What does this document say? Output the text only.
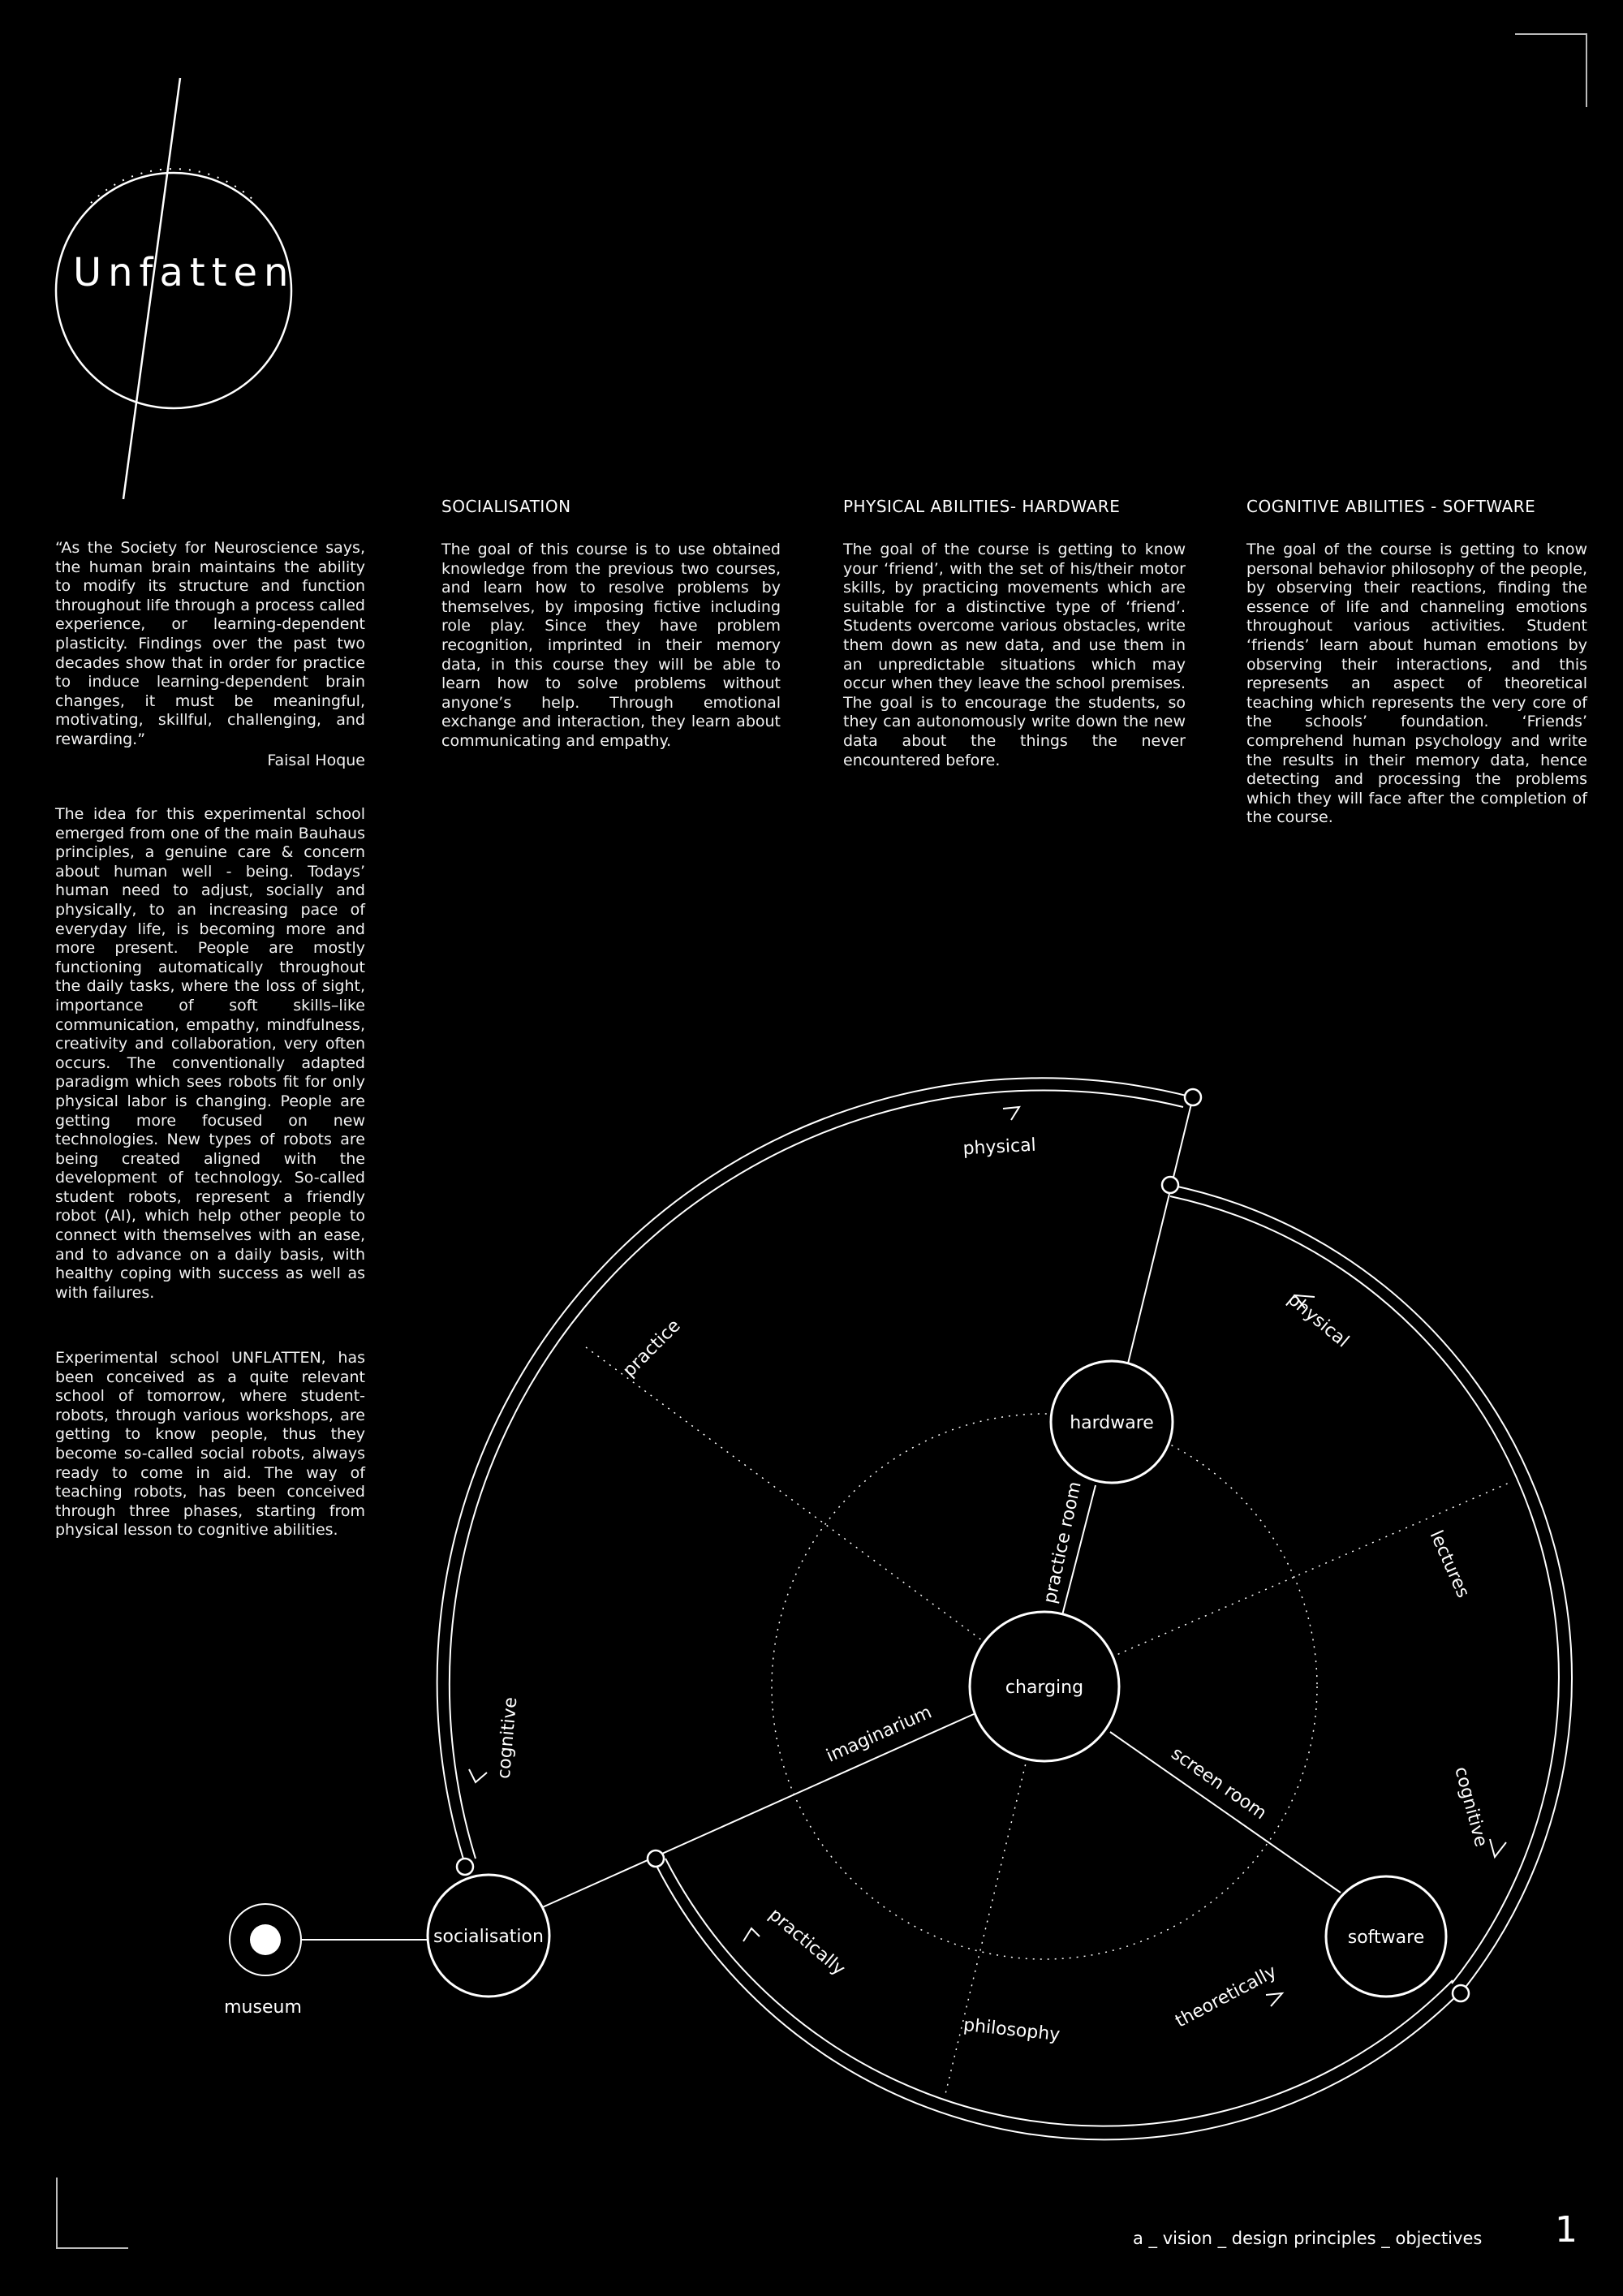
Unfatten
“As the Society for Neuroscience says, the human brain maintains the ability to modify its structure and function throughout life through a process called experience, or learning-dependent plasticity. Findings over the past two decades show that in order for practice to induce learning-dependent brain changes, it must be meaningful, motivating, skillful, challenging, and rewarding.”
Faisal Hoque
The idea for this experimental school emerged from one of the main Bauhaus principles, a genuine care & concern about human well - being. Todays’ human need to adjust, socially and physically, to an increasing pace of everyday life, is becoming more and more present. People are mostly functioning automatically throughout the daily tasks, where the loss of sight, importance of soft skills–like communication, empathy, mindfulness, creativity and collaboration, very often occurs. The conventionally adapted paradigm which sees robots fit for only physical labor is changing. People are getting more focused on new technologies. New types of robots are being created aligned with the development of technology. So-called student robots, represent a friendly robot (AI), which help other people to connect with themselves with an ease, and to advance on a daily basis, with healthy coping with success as well as with failures.
Experimental school UNFLATTEN, has been conceived as a quite relevant school of tomorrow, where student-robots, through various workshops, are getting to know people, thus they become so-called social robots, always ready to come in aid. The way of teaching robots, has been conceived through three phases, starting from physical lesson to cognitive abilities.
SOCIALISATION
The goal of this course is to use obtained knowledge from the previous two courses, and learn how to resolve problems by themselves, by imposing fictive including role play. Since they have problem recognition, imprinted in their memory data, in this course they will be able to learn how to solve problems without anyone’s help. Through emotional exchange and interaction, they learn about communicating and empathy.
PHYSICAL ABILITIES- HARDWARE
The goal of the course is getting to know your ‘friend’, with the set of his/their motor skills, by practicing movements which are suitable for a distinctive type of ‘friend’. Students overcome various obstacles, write them down as new data, and use them in an unpredictable situations which may occur when they leave the school premises. The goal is to encourage the students, so they can autonomously write down the new data about the things the never encountered before.
COGNITIVE ABILITIES - SOFTWARE
The goal of the course is getting to know personal behavior philosophy of the people, by observing their reactions, finding the essence of life and channeling emotions throughout various activities. Student ‘friends’ learn about human emotions by observing their interactions, and this represents an aspect of theoretical teaching which represents the very core of the schools’ foundation. ‘Friends’ comprehend human psychology and write the results in their memory data, hence detecting and processing the problems which they will face after the completion of the course.
hardware
charging
software
socialisation
museum
physical
physical
practice
practice room	lectures
cognitive
cognitive
imaginarium
screen room
practically
philosophy	theoretically
a _ vision _ design principles _ objectives 1
